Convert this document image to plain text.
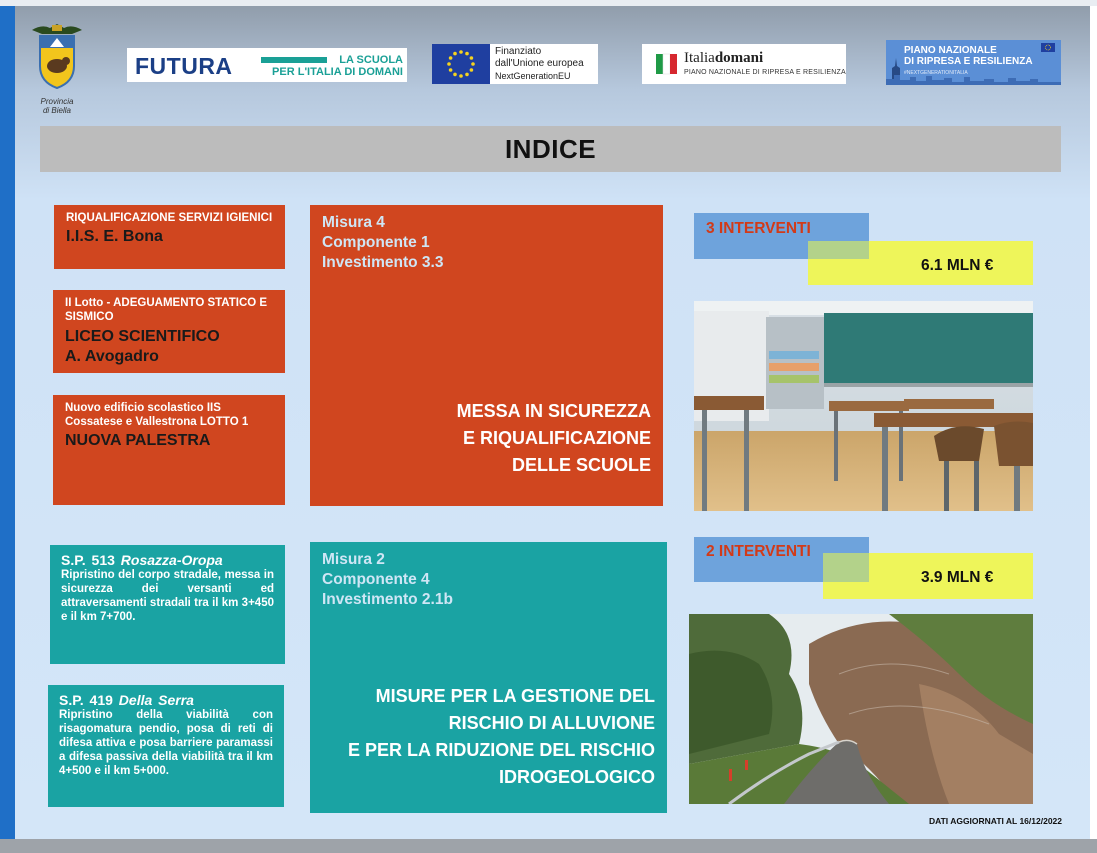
Provincia
di Biella
FUTURA	LA SCUOLA
PER L'ITALIA DI DOMANI
Finanziato
dall'Unione europea
NextGenerationEU
Italiadomani
PIANO NAZIONALE DI RIPRESA E RESILIENZA
PIANO NAZIONALE
DI RIPRESA E RESILIENZA
#NEXTGENERATIONITALIA
INDICE
RIQUALIFICAZIONE SERVIZI IGIENICI
I.I.S. E. Bona
II Lotto - ADEGUAMENTO STATICO E SISMICO
LICEO SCIENTIFICO
A. Avogadro
Nuovo edificio scolastico IIS Cossatese e Vallestrona LOTTO 1
NUOVA PALESTRA
Misura 4
Componente 1
Investimento 3.3
MESSA IN SICUREZZA
E RIQUALIFICAZIONE
DELLE SCUOLE
3 INTERVENTI
6.1 MLN €
S.P. 513 Rosazza-Oropa
Ripristino del corpo stradale, messa in sicurezza dei versanti ed attraversamenti stradali tra il km 3+450 e il km 7+700.
S.P. 419 Della Serra
Ripristino della viabilità con risagomatura pendio, posa di reti di difesa attiva e posa barriere paramassi a difesa passiva della viabilità tra il km 4+500 e il km 5+000.
Misura 2
Componente 4
Investimento 2.1b
MISURE PER LA GESTIONE DEL
RISCHIO DI ALLUVIONE
E PER LA RIDUZIONE DEL RISCHIO
IDROGEOLOGICO
2 INTERVENTI
3.9 MLN €
DATI AGGIORNATI AL 16/12/2022
